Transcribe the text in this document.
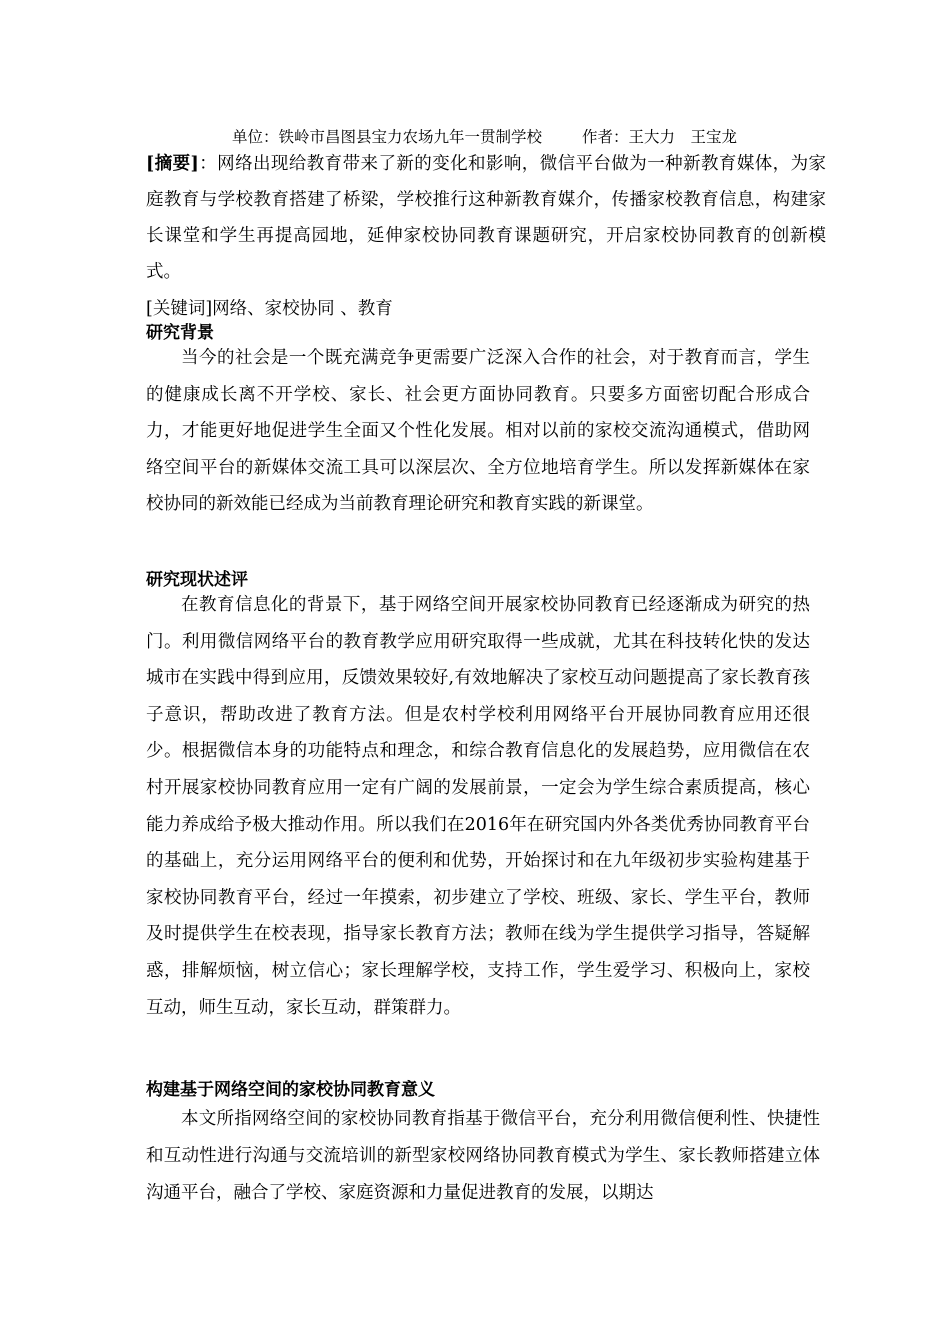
单位：铁岭市昌图县宝力农场九年一贯制学校	作者：王大力　王宝龙
[摘要]：网络出现给教育带来了新的变化和影响，微信平台做为一种新教育媒体，为家庭教育与学校教育搭建了桥梁，学校推行这种新教育媒介，传播家校教育信息，构建家长课堂和学生再提高园地，延伸家校协同教育课题研究，开启家校协同教育的创新模式。
[关键词]网络、家校协同 、教育
研究背景
当今的社会是一个既充满竞争更需要广泛深入合作的社会，对于教育而言，学生的健康成长离不开学校、家长、社会更方面协同教育。只要多方面密切配合形成合力，才能更好地促进学生全面又个性化发展。相对以前的家校交流沟通模式，借助网络空间平台的新媒体交流工具可以深层次、全方位地培育学生。所以发挥新媒体在家校协同的新效能已经成为当前教育理论研究和教育实践的新课堂。
研究现状述评
在教育信息化的背景下，基于网络空间开展家校协同教育已经逐渐成为研究的热门。利用微信网络平台的教育教学应用研究取得一些成就，尤其在科技转化快的发达城市在实践中得到应用，反馈效果较好,有效地解决了家校互动问题提高了家长教育孩子意识，帮助改进了教育方法。但是农村学校利用网络平台开展协同教育应用还很少。根据微信本身的功能特点和理念，和综合教育信息化的发展趋势，应用微信在农村开展家校协同教育应用一定有广阔的发展前景，一定会为学生综合素质提高，核心能力养成给予极大推动作用。所以我们在2016年在研究国内外各类优秀协同教育平台的基础上，充分运用网络平台的便利和优势，开始探讨和在九年级初步实验构建基于家校协同教育平台，经过一年摸索，初步建立了学校、班级、家长、学生平台，教师及时提供学生在校表现，指导家长教育方法；教师在线为学生提供学习指导，答疑解惑，排解烦恼，树立信心；家长理解学校，支持工作，学生爱学习、积极向上，家校互动，师生互动，家长互动，群策群力。
构建基于网络空间的家校协同教育意义
本文所指网络空间的家校协同教育指基于微信平台，充分利用微信便利性、快捷性和互动性进行沟通与交流培训的新型家校网络协同教育模式为学生、家长教师搭建立体沟通平台，融合了学校、家庭资源和力量促进教育的发展，以期达
